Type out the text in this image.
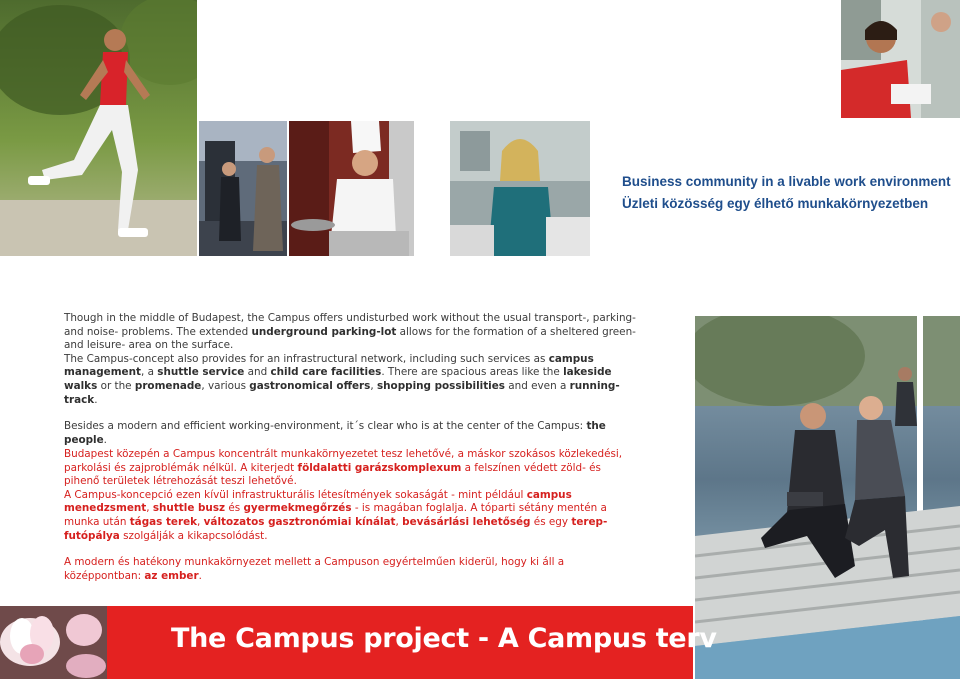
Business community in a livable work environment
Üzleti közösség egy élhető munkakörnyezetben

Though in the middle of Budapest, the Campus offers undisturbed work without the usual transport-, parking- and noise- problems. The extended underground parking-lot allows for the formation of a sheltered green- and leisure- area on the surface.

The Campus-concept also provides for an infrastructural network, including such services as campus management, a shuttle service and child care facilities. There are spacious areas like the lakeside walks or the promenade, various gastronomical offers, shopping possibilities and even a running- track.

Besides a modern and efficient working-environment, it´s clear who is at the center of the Campus: the people.

Budapest közepén a Campus koncentrált munkakörnyezetet tesz lehetővé, a máskor szokásos közlekedési, parkolási és zajproblémák nélkül. A kiterjedt földalatti garázskomplexum a felszínen védett zöld- és pihenő területek létrehozását teszi lehetővé.

A Campus-koncepció ezen kívül infrastrukturális létesítmények sokaságát - mint például campus menedzsment, shuttle busz és gyermekmegőrzés - is magában foglalja. A tóparti sétány mentén a munka után tágas terek, változatos gasztronómiai kínálat, bevásárlási lehetőség és egy terep-futópálya szolgálják a kikapcsolódást.

A modern és hatékony munkakörnyezet mellett a Campuson egyértelműen kiderül, hogy ki áll a középpontban: az ember.

The Campus project - A Campus terv
